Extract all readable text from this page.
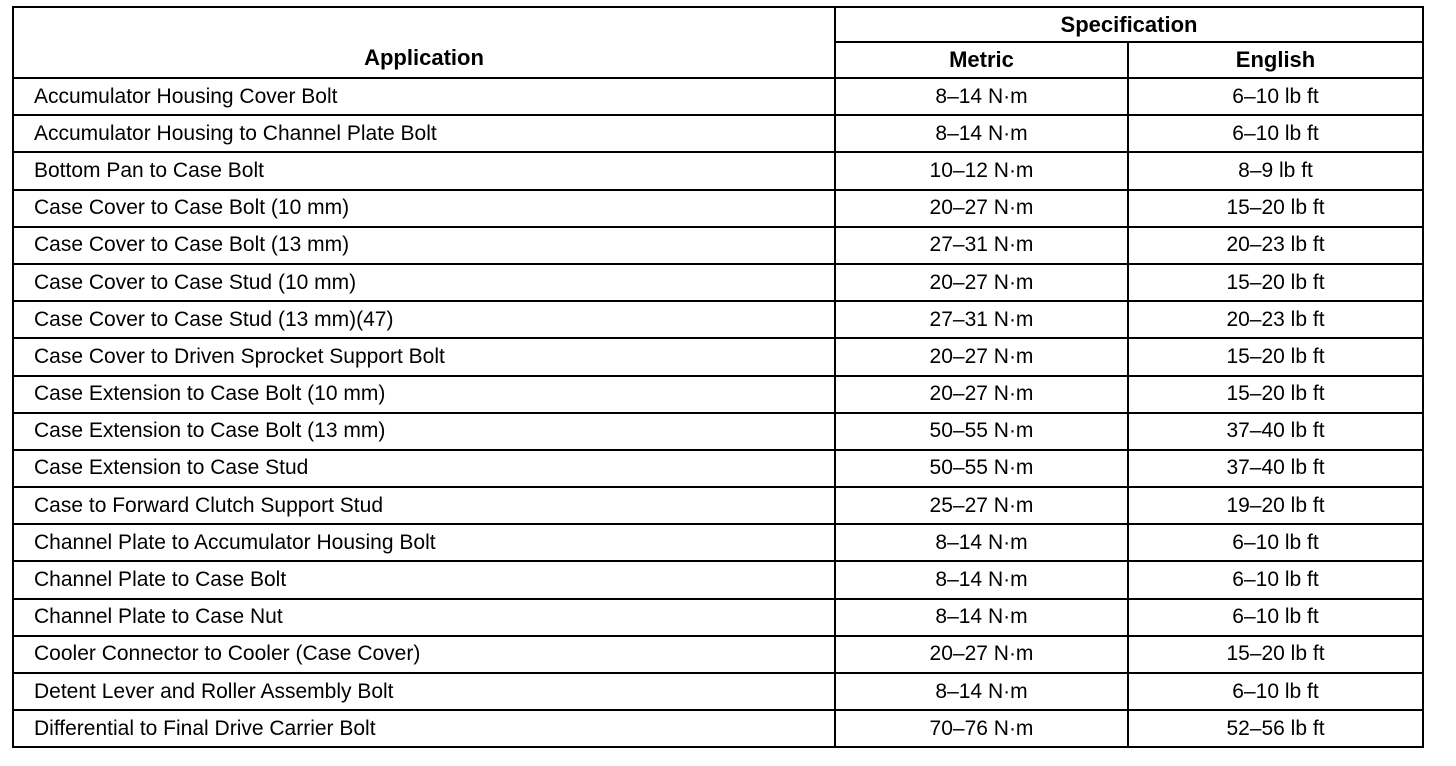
Application	Specification	
	Metric	English
Accumulator Housing Cover Bolt	8–14 N·m	6–10 lb ft
Accumulator Housing to Channel Plate Bolt	8–14 N·m	6–10 lb ft
Bottom Pan to Case Bolt	10–12 N·m	8–9 lb ft
Case Cover to Case Bolt (10 mm)	20–27 N·m	15–20 lb ft
Case Cover to Case Bolt (13 mm)	27–31 N·m	20–23 lb ft
Case Cover to Case Stud (10 mm)	20–27 N·m	15–20 lb ft
Case Cover to Case Stud (13 mm)(47)	27–31 N·m	20–23 lb ft
Case Cover to Driven Sprocket Support Bolt	20–27 N·m	15–20 lb ft
Case Extension to Case Bolt (10 mm)	20–27 N·m	15–20 lb ft
Case Extension to Case Bolt (13 mm)	50–55 N·m	37–40 lb ft
Case Extension to Case Stud	50–55 N·m	37–40 lb ft
Case to Forward Clutch Support Stud	25–27 N·m	19–20 lb ft
Channel Plate to Accumulator Housing Bolt	8–14 N·m	6–10 lb ft
Channel Plate to Case Bolt	8–14 N·m	6–10 lb ft
Channel Plate to Case Nut	8–14 N·m	6–10 lb ft
Cooler Connector to Cooler (Case Cover)	20–27 N·m	15–20 lb ft
Detent Lever and Roller Assembly Bolt	8–14 N·m	6–10 lb ft
Differential to Final Drive Carrier Bolt	70–76 N·m	52–56 lb ft
